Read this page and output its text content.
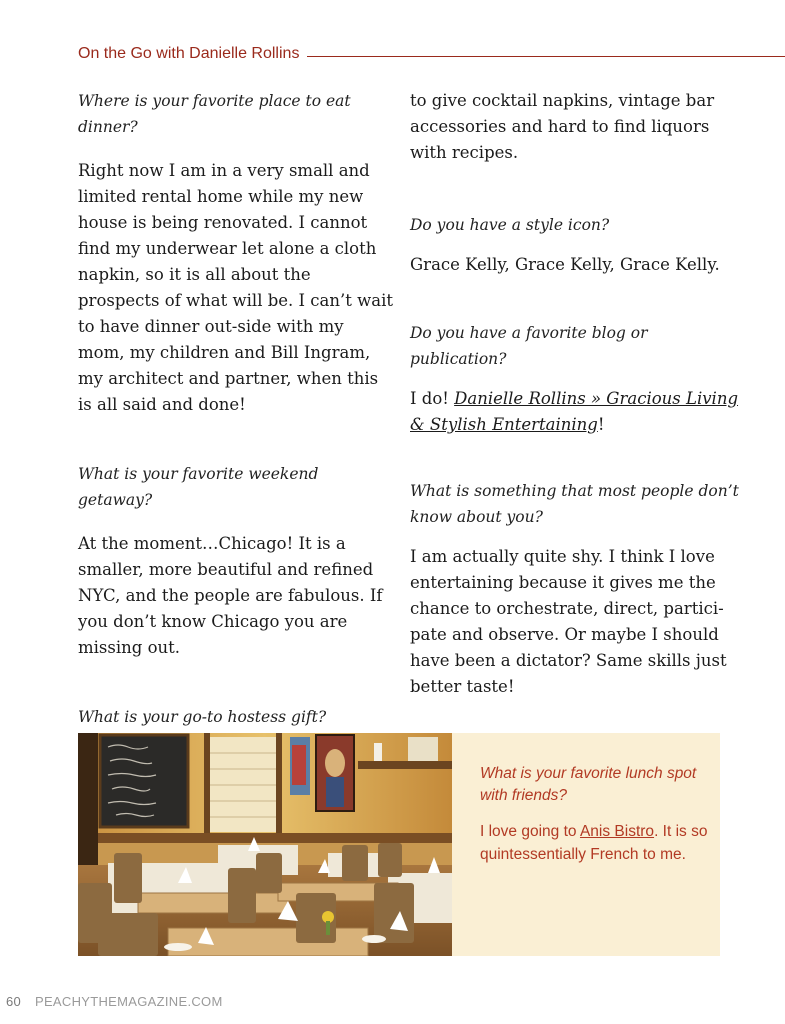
On the Go with Danielle Rollins

Where is your favorite place to eat dinner?

Right now I am in a very small and limited rental home while my new house is being renovated. I cannot find my underwear let alone a cloth napkin, so it is all about the prospects of what will be. I can’t wait to have dinner out-side with my mom, my children and Bill Ingram, my architect and partner, when this is all said and done!

What is your favorite weekend getaway?

At the moment…Chicago! It is a smaller, more beautiful and refined NYC, and the people are fabulous. If you don’t know Chicago you are missing out.

What is your go-to hostess gift?

to give cocktail napkins, vintage bar accessories and hard to find liquors with recipes.

Do you have a style icon?

Grace Kelly, Grace Kelly, Grace Kelly.

Do you have a favorite blog or publication?

I do! Danielle Rollins » Gracious Living & Stylish Entertaining!

What is something that most people don’t know about you?

I am actually quite shy. I think I love entertaining because it gives me the chance to orchestrate, direct, partici-pate and observe. Or maybe I should have been a dictator? Same skills just better taste!

What is your favorite lunch spot with friends?
I love going to Anis Bistro. It is so quintessentially French to me.
60 PEACHYTHEMAGAZINE.COM
